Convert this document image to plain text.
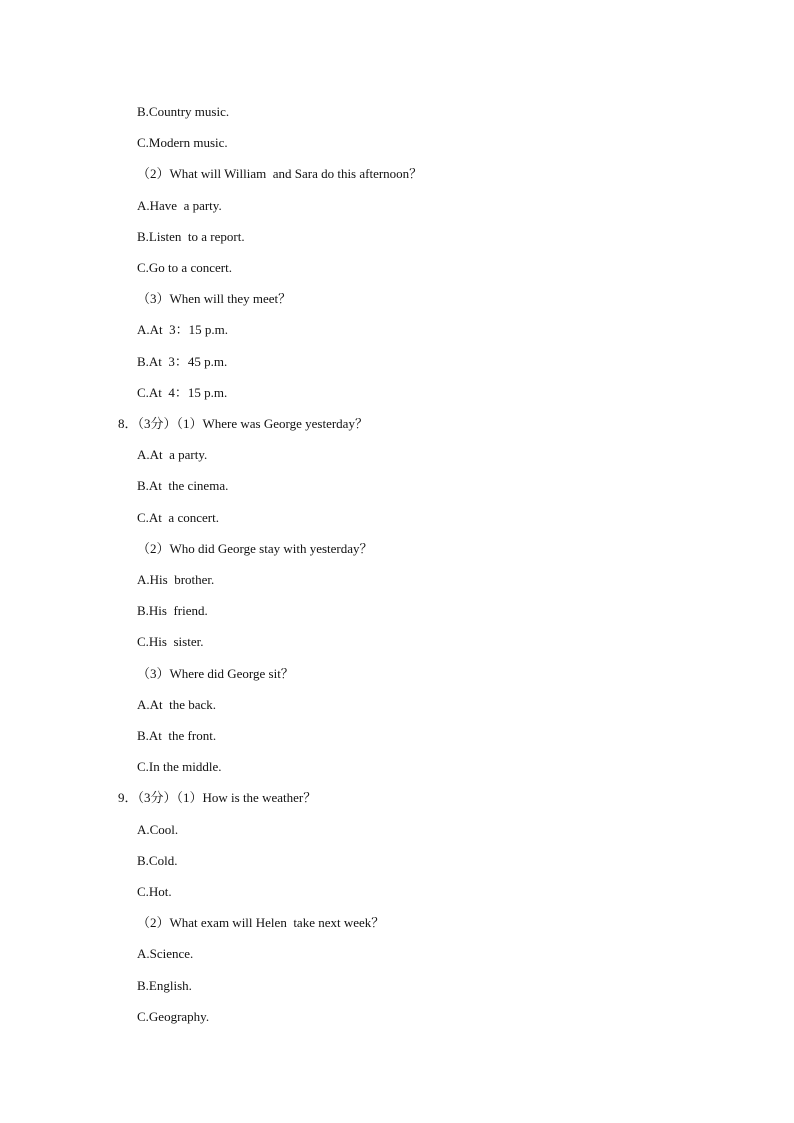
B.Country music.
C.Modern music.
（2）What will William  and Sara do this afternoon？
A.Have  a party.
B.Listen  to a report.
C.Go to a concert.
（3）When will they meet？
A.At  3：15 p.m.
B.At  3：45 p.m.
C.At  4：15 p.m.
8．（3分）（1）Where was George yesterday？
A.At  a party.
B.At  the cinema.
C.At  a concert.
（2）Who did George stay with yesterday？
A.His  brother.
B.His  friend.
C.His  sister.
（3）Where did George sit？
A.At  the back.
B.At  the front.
C.In the middle.
9．（3分）（1）How is the weather？
A.Cool.
B.Cold.
C.Hot.
（2）What exam will Helen  take next week？
A.Science.
B.English.
C.Geography.
